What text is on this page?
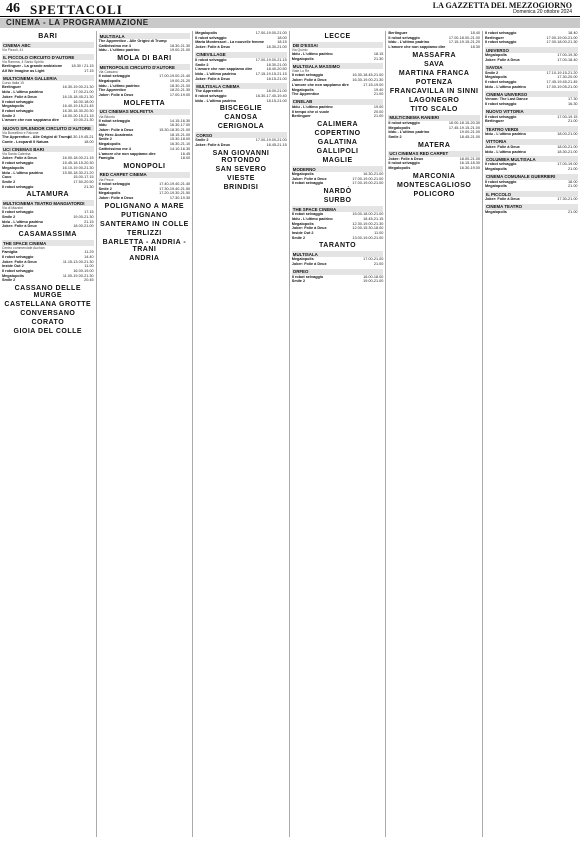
46 SPETTACOLI	LA GAZZETTA DEL MEZZOGIORNO
Domenica 20 ottobre 2024
CINEMA - LA PROGRAMMAZIONE
BARI
CINEMA ABC
Via Pizzoli, 41
IL PICCOLO CIRCUITO D'AUTORE
Via Ramma, 4 Santo Spirito
Berlinguer - La grande ambizione 18.30 / 21.15
All We Imagine as Light	17.15
MULTICINEMA GALLERIA
Corso Italia 15
Berlinguer	16.30-19.00-21.30
Iddu - L'ultimo padrino	17.00-21.00
Joker: Folie à Deux	16.15-18.45-21.30
Il robot selvaggio	16.00-18.00
Megalopolis	16.40-19.15-21.45
Il robot selvaggio	16.30-18.30-20.30
Smile 2	18.00-20.15-21.15
L'amore che non sappiamo dire	19.00-21.30
NUOVO SPLENDOR CIRCUITO D'AUTORE
Via Borsellino e Falcone
The Apprentice - Alle Origini di Trump
18.30-19.45-21
Conte - Leopardi Il Natura	18.00
UCI CINEMAS BARI
Via Santa Caterina
Joker: Folie à Deux	16.00-18.00-21.15
Il robot selvaggio	15.45-18.15-20.30
Megalopolis	16.10-19.00-21.30
Iddu - L'ultimo padrino	15.50-18.30-21.20
Coco	15.00-17.15
Smile 2	17.50-20.50
Il robot selvaggio	21.30
ALTAMURA
MULTICINEMA TEATRO MANGIATORDI
Via di Mazzini
Il robot selvaggio	17.15
Smile 2	19.00-21.30
Iddu - L'ultimo padrino	21.15
Joker: Folie à Deux	18.00-21.00
CASAMASSIMA
THE SPACE CINEMA
Centro commerciale Auchan
Famiglia	11.29
Il robot selvaggio	14.40
Joker: Folie à Deux	11.15-13.00-21.30
Inside Out 2	11.00
Il robot selvaggio	16.00-19.00
Megalopolis	11.00-19.00-21.30
Smile 2	20.45
CASSANO DELLE MURGE
CASTELLANA GROTTE
CONVERSANO
CORATO
GIOIA DEL COLLE
MULTISALA
The Apprentice - Alle Origini di Trump
Cattivissimo me 4	18.30-21.30
Iddu - L'ultimo padrino	19.00-21.00
MOLA DI BARI
METROPOLIS CIRCUITO D'AUTORE
Via Cassano
Il robot selvaggio	17.00-19.00-21.40
Megalopolis	19.00-21.20
Iddu - L'ultimo padrino	18.30-21.00
The Apprentice	18.20-21.30
Joker: Folie à Deux	17.00-19.00
MOLFETTA
UCI CINEMAS MOLFETTA
Via Bitonto
Il robot selvaggio	14.15-16.30
Iddu	16.30-17.00
Joker: Folie à Deux	15.30-18.30-21.00
My Hero Academia	18.15-21.00
Smile 2	15.30-18.00
Megalopolis	16.30-21.10
Cattivissimo me 4	14.10-16.30
L'amore che non sappiamo dire	16.45
Famiglia	18.00
MONOPOLI
RED CARPET CINEMA
Via Pesce
Il robot selvaggio	17.40-19.40-21.40
Smile 2	17.30-19.40-21.50
Megalopolis	17.20-19.30-21.50
Joker: Folie à Deux	17.30-19.30
POLIGNANO A MARE
PUTIGNANO
SANTERAMO IN COLLE
TERLIZZI
BARLETTA - ANDRIA - TRANI
ANDRIA
Megalopolis	17.00-19.00-21.00
Il robot selvaggio	18.00
Maria Montessori - La nouvelle femme	18.15
Joker: Folie à Deux	18.30-21.00
CINEVILLAGE
Il robot selvaggio	17.00-19.00-21.15
Smile 2	18.30-21.00
L'amore che non sappiamo dire	18.40-20.50
Iddu - L'ultimo padrino	17.15-19.15-21.15
Joker: Folie à Deux	18.15-21.00
MULTISALA CINEMA
The Apprentice	18.00-21.00
Il robot selvaggio	16.30-17.40-19.40
Iddu - L'ultimo padrino	18.15-21.00
BISCEGLIE
CANOSA
CERIGNOLA
CORSO
Smile 2	17.00-19.00-21.00
Joker: Folie à Deux	18.45-21.15
SAN GIOVANNI ROTONDO
SAN SEVERO
VIESTE
BRINDISI
LECCE
DB D'ESSAI
Via Quinto
Iddu - L'ultimo padrino	18.15
Megalopolis	21.30
MULTISALA MASSIMO
Viale Lo Re
Il robot selvaggio	16.30-18.45-21.00
Joker: Folie à Deux	16.30-19.00-21.30
L'amore che non sappiamo dire	17.15-19.00
Megalopolis	19.40
The Apprentice	21.00
CINELAB
Iddu - L'ultimo padrino	19.00
Il tempo che ci vuole	20.00
Berlinguer	21.00
CALIMERA
COPERTINO
GALATINA
GALLIPOLI
MAGLIE
MODERNO
Megalopolis	16.30-21.00
Joker: Folie à Deux	17.00-19.00-21.00
Il robot selvaggio	17.00-19.00-21.00
NARDÒ
SURBO
THE SPACE CINEMA
Il robot selvaggio	15.00-18.00-21.00
Iddu - L'ultimo padrino	18.45-21.15
Megalopolis	12.30-19.00-21.30
Joker: Folie à Deux	12.00-15.30-18.00
Inside Out 2	11.00
Smile 2	13.00-19.00-21.00
TARANTO
MULTISALA
Megalopolis	17.00-21.00
Joker: Folie à Deux	21.00
ORFEO
Il robot selvaggio	16.00-18.00
Smile 2	19.00-21.00
Berlinguer	18.40
Il robot selvaggio	17.00-18.00-21.00
Iddu - L'ultimo padrino	17.15-19.15-21.20
L'amore che non sappiamo dire	18.30
MASSAFRA
SAVA
MARTINA FRANCA
POTENZA
FRANCAVILLA IN SINNI
LAGONEGRO
TITO SCALO
MULTICINEMA RANIERI
Il robot selvaggio	16.00-18.15-20.30
Megalopolis	17.45-19.15-21.00
Iddu - L'ultimo padrino	19.00-21.00
Smile 2	18.45-21.00
MATERA
UCI CINEMAS RED CARPET
Joker: Folie à Deux	18.00-21.00
Il robot selvaggio	16.15-18.30
Megalopolis	16.30-19.00
MARCONIA
MONTESCAGLIOSO
POLICORO
Il robot selvaggio	18.40
Berlinguer	17.00-19.00-21.00
Il robot selvaggio	17.00-18.00-21.30
UNIVERSO
Megalopolis	17.00-19.30
Joker: Folie à Deux	17.00-18.40
SAVOIA
Smile 2	17.10-19.15-21.20
Megalopolis	17.30-20.00
Il robot selvaggio	17.45-19.45-21.45
Iddu - L'ultimo padrino	17.00-19.05-21.00
CINEMA UNIVERSO
Venom: The Last Dance	17.30
Il robot selvaggio	16.30
NUOVO VITTORIA
Il robot selvaggio	17.00-19.15
Berlinguer	21.00
TEATRO VERDI
Iddu - L'ultimo padrino	18.00-21.00
VITTORIA
Joker: Folie à Deux	18.00-21.00
Iddu - L'ultimo padrino	18.30-21.00
COLUMBIA MULTISALA
Il robot selvaggio	17.00-19.00
Megalopolis	21.00
CINEMA COMUNALE GUERRIERI
Il robot selvaggio	18.00
Megalopolis	21.00
IL PICCOLO
Joker: Folie à Deux	17.30-21.00
CINEMA TEATRO
Megalopolis	21.00
